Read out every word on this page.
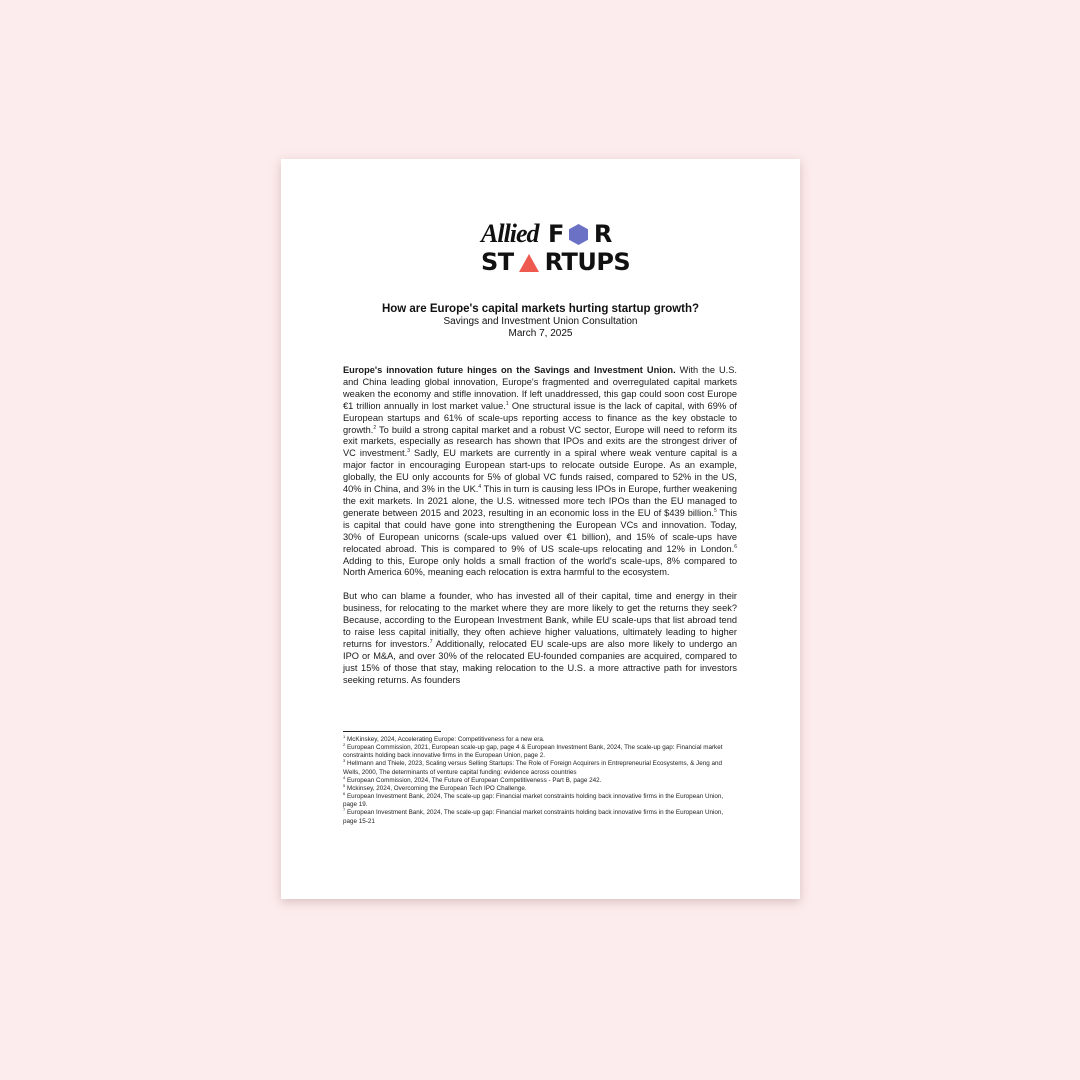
Allied F R
ST RTUPS
How are Europe's capital markets hurting startup growth?
Savings and Investment Union Consultation
March 7, 2025

Europe's innovation future hinges on the Savings and Investment Union. With the U.S. and China leading global innovation, Europe's fragmented and overregulated capital markets weaken the economy and stifle innovation. If left unaddressed, this gap could soon cost Europe €1 trillion annually in lost market value.$^1$ One structural issue is the lack of capital, with 69% of European startups and 61% of scale-ups reporting access to finance as the key obstacle to growth.$^2$ To build a strong capital market and a robust VC sector, Europe will need to reform its exit markets, especially as research has shown that IPOs and exits are the strongest driver of VC investment.$^3$ Sadly, EU markets are currently in a spiral where weak venture capital is a major factor in encouraging European start-ups to relocate outside Europe. As an example, globally, the EU only accounts for 5% of global VC funds raised, compared to 52% in the US, 40% in China, and 3% in the UK.$^4$ This in turn is causing less IPOs in Europe, further weakening the exit markets. In 2021 alone, the U.S. witnessed more tech IPOs than the EU managed to generate between 2015 and 2023, resulting in an economic loss in the EU of $439 billion.$^5$ This is capital that could have gone into strengthening the European VCs and innovation. Today, 30% of European unicorns (scale-ups valued over €1 billion), and 15% of scale-ups have relocated abroad. This is compared to 9% of US scale-ups relocating and 12% in London.$^6$ Adding to this, Europe only holds a small fraction of the world's scale-ups, 8% compared to North America 60%, meaning each relocation is extra harmful to the ecosystem.

But who can blame a founder, who has invested all of their capital, time and energy in their business, for relocating to the market where they are more likely to get the returns they seek? Because, according to the European Investment Bank, while EU scale-ups that list abroad tend to raise less capital initially, they often achieve higher valuations, ultimately leading to higher returns for investors.$^7$ Additionally, relocated EU scale-ups are also more likely to undergo an IPO or M&A, and over 30% of the relocated EU-founded companies are acquired, compared to just 15% of those that stay, making relocation to the U.S. a more attractive path for investors seeking returns. As founders

$^1$ McKinskey, 2024, Accelerating Europe: Competitiveness for a new era.
$^2$ European Commission, 2021, European scale-up gap, page 4 & European Investment Bank, 2024, The scale-up gap: Financial market constraints holding back innovative firms in the European Union, page 2.
$^3$ Hellmann and Thiele, 2023, Scaling versus Selling Startups: The Role of Foreign Acquirers in Entrepreneurial Ecosystems, & Jeng and Wells, 2000, The determinants of venture capital funding: evidence across countries
$^4$ European Commission, 2024, The Future of European Competitiveness - Part B, page 242.
$^5$ Mckinsey, 2024, Overcoming the European Tech IPO Challenge.
$^6$ European Investment Bank, 2024, The scale-up gap: Financial market constraints holding back innovative firms in the European Union, page 19.
$^7$ European Investment Bank, 2024, The scale-up gap: Financial market constraints holding back innovative firms in the European Union, page 15-21
